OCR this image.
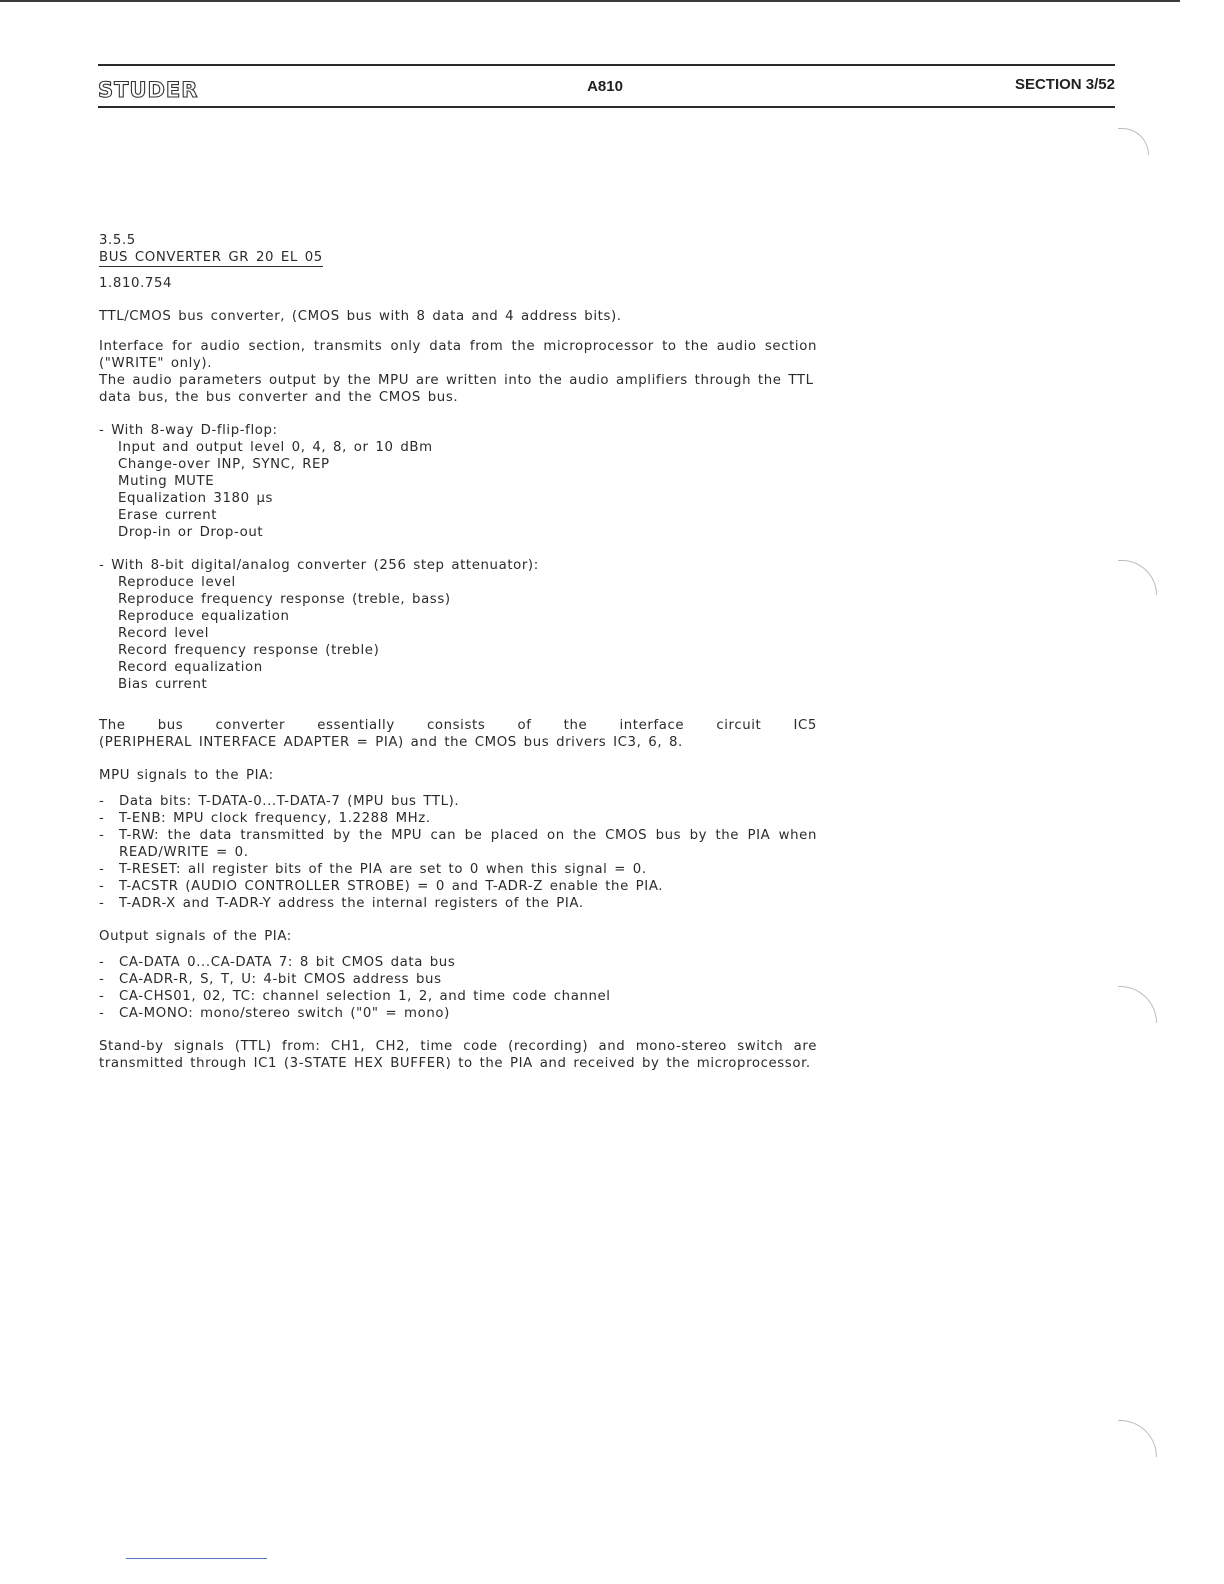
STUDER	A810	SECTION 3/52

3.5.5

BUS CONVERTER GR 20 EL 05

1.810.754

TTL/CMOS bus converter, (CMOS bus with 8 data and 4 address bits).

Interface for audio section, transmits only data from the microprocessor to the audio section ("WRITE" only).

The audio parameters output by the MPU are written into the audio amplifiers through the TTL data bus, the bus converter and the CMOS bus.

- With 8-way D-flip-flop:

Input and output level 0, 4, 8, or 10 dBm

Change-over INP, SYNC, REP

Muting MUTE

Equalization 3180 µs

Erase current

Drop-in or Drop-out

- With 8-bit digital/analog converter (256 step attenuator):

Reproduce level

Reproduce frequency response (treble, bass)

Reproduce equalization

Record level

Record frequency response (treble)

Record equalization

Bias current

The bus converter essentially consists of the interface circuit IC5

(PERIPHERAL INTERFACE ADAPTER = PIA) and the CMOS bus drivers IC3, 6, 8.

MPU signals to the PIA:

- Data bits: T-DATA-0...T-DATA-7 (MPU bus TTL).
- T-ENB: MPU clock frequency, 1.2288 MHz.
- T-RW: the data transmitted by the MPU can be placed on the CMOS bus by the PIA when READ/WRITE = 0.
- T-RESET: all register bits of the PIA are set to 0 when this signal = 0.
- T-ACSTR (AUDIO CONTROLLER STROBE) = 0 and T-ADR-Z enable the PIA.
- T-ADR-X and T-ADR-Y address the internal registers of the PIA.

Output signals of the PIA:

- CA-DATA 0...CA-DATA 7: 8 bit CMOS data bus
- CA-ADR-R, S, T, U: 4-bit CMOS address bus
- CA-CHS01, 02, TC: channel selection 1, 2, and time code channel
- CA-MONO: mono/stereo switch ("0" = mono)

Stand-by signals (TTL) from: CH1, CH2, time code (recording) and mono-stereo switch are transmitted through IC1 (3-STATE HEX BUFFER) to the PIA and received by the microprocessor.
